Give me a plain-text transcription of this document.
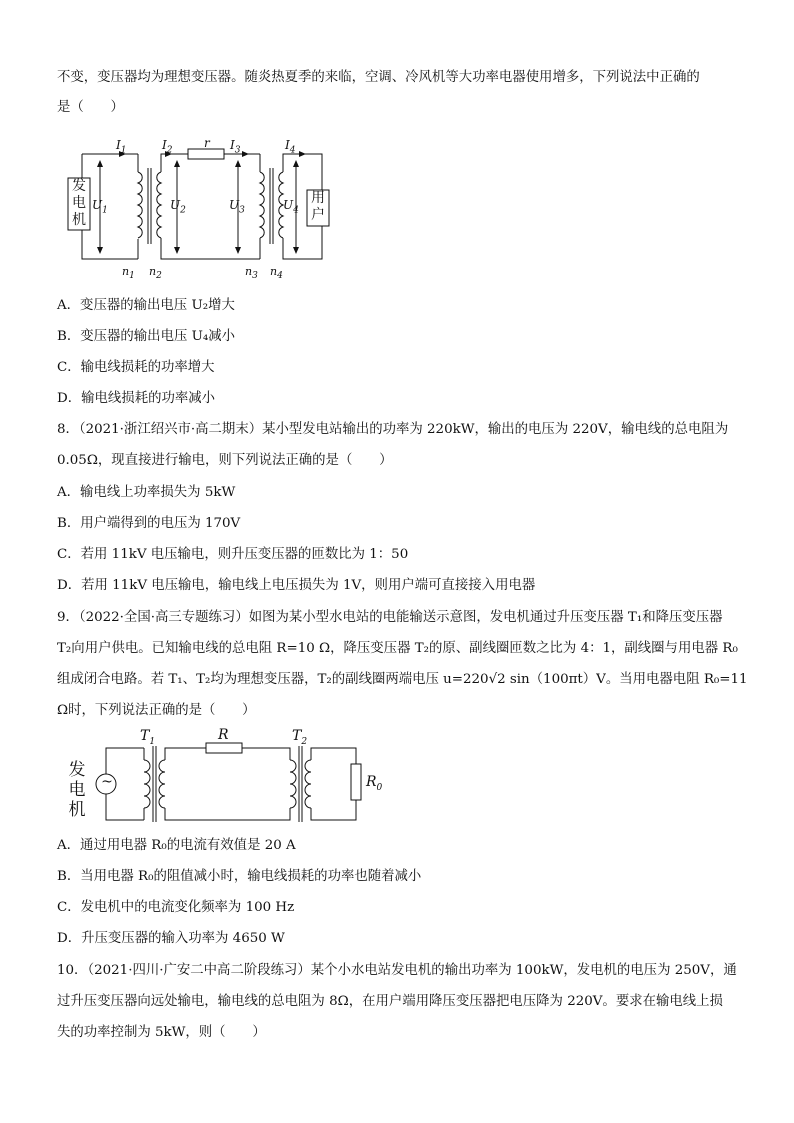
不变，变压器均为理想变压器。随炎热夏季的来临，空调、冷风机等大功率电器使用增多，下列说法中正确的
是（　　）
发
电
机
用
户
$I_1$	$I_2$
r $I_3$	$I_4$
$U_1$	$U_2$	$U_3$	$U_4$
$n_1$ $n_2$	$n_3$ $n_4$
A．变压器的输出电压 U₂增大
B．变压器的输出电压 U₄减小
C．输电线损耗的功率增大
D．输电线损耗的功率减小
8．（2021·浙江绍兴市·高二期末）某小型发电站输出的功率为 220kW，输出的电压为 220V，输电线的总电阻为
0.05Ω，现直接进行输电，则下列说法正确的是（　　）
A．输电线上功率损失为 5kW
B．用户端得到的电压为 170V
C．若用 11kV 电压输电，则升压变压器的匝数比为 1：50
D．若用 11kV 电压输电，输电线上电压损失为 1V，则用户端可直接接入用电器
9．（2022·全国·高三专题练习）如图为某小型水电站的电能输送示意图，发电机通过升压变压器 T₁和降压变压器
T₂向用户供电。已知输电线的总电阻 R=10 Ω，降压变压器 T₂的原、副线圈匝数之比为 4：1，副线圈与用电器 R₀
组成闭合电路。若 T₁、T₂均为理想变压器，T₂的副线圈两端电压 u=220√2 sin（100πt）V。当用电器电阻 R₀=11
Ω时，下列说法正确的是（　　）
发
电
机
~
$T_1$	R	$T_2$
$R_0$
A．通过用电器 R₀的电流有效值是 20 A
B．当用电器 R₀的阻值减小时，输电线损耗的功率也随着减小
C．发电机中的电流变化频率为 100 Hz
D．升压变压器的输入功率为 4650 W
10．（2021·四川·广安二中高二阶段练习）某个小水电站发电机的输出功率为 100kW，发电机的电压为 250V，通
过升压变压器向远处输电，输电线的总电阻为 8Ω，在用户端用降压变压器把电压降为 220V。要求在输电线上损
失的功率控制为 5kW，则（　　）
